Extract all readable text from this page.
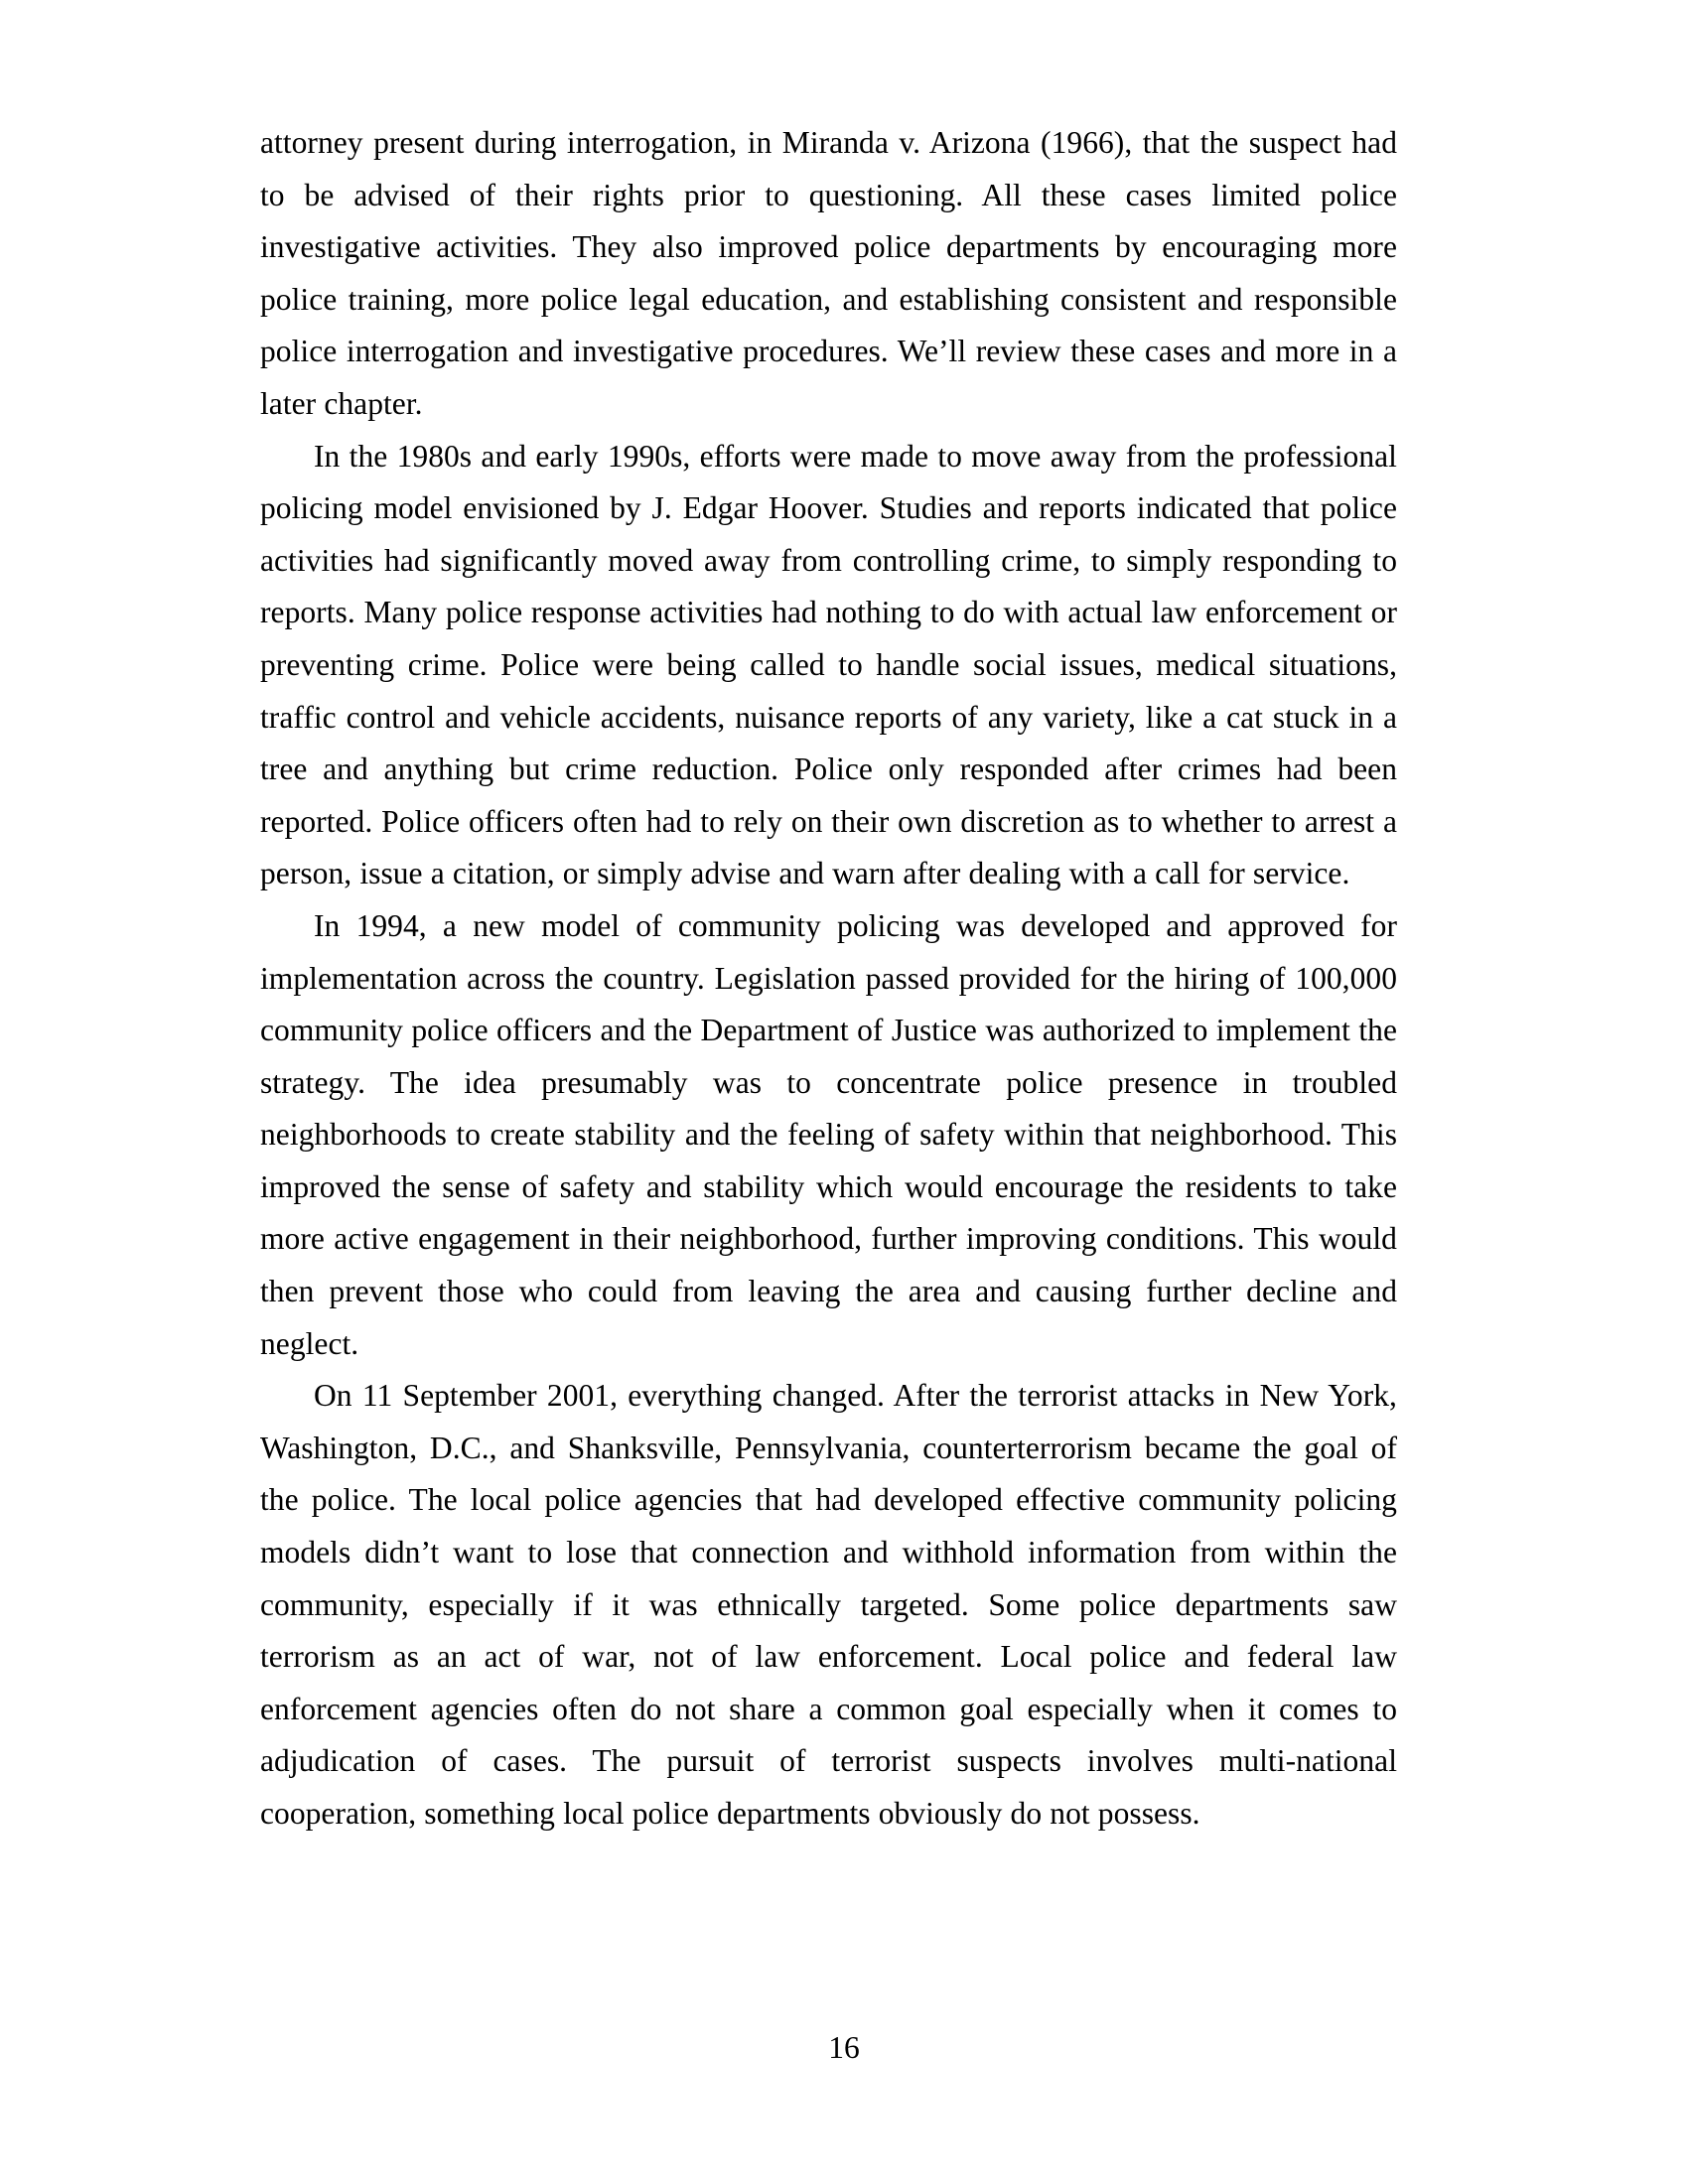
attorney present during interrogation, in Miranda v. Arizona (1966), that the suspect had to be advised of their rights prior to questioning. All these cases limited police investigative activities. They also improved police departments by encouraging more police training, more police legal education, and establishing consistent and responsible police interrogation and investigative procedures. We’ll review these cases and more in a later chapter.

In the 1980s and early 1990s, efforts were made to move away from the professional policing model envisioned by J. Edgar Hoover. Studies and reports indicated that police activities had significantly moved away from controlling crime, to simply responding to reports. Many police response activities had nothing to do with actual law enforcement or preventing crime. Police were being called to handle social issues, medical situations, traffic control and vehicle accidents, nuisance reports of any variety, like a cat stuck in a tree and anything but crime reduction. Police only responded after crimes had been reported. Police officers often had to rely on their own discretion as to whether to arrest a person, issue a citation, or simply advise and warn after dealing with a call for service.

In 1994, a new model of community policing was developed and approved for implementation across the country. Legislation passed provided for the hiring of 100,000 community police officers and the Department of Justice was authorized to implement the strategy. The idea presumably was to concentrate police presence in troubled neighborhoods to create stability and the feeling of safety within that neighborhood. This improved the sense of safety and stability which would encourage the residents to take more active engagement in their neighborhood, further improving conditions. This would then prevent those who could from leaving the area and causing further decline and neglect.

On 11 September 2001, everything changed. After the terrorist attacks in New York, Washington, D.C., and Shanksville, Pennsylvania, counterterrorism became the goal of the police. The local police agencies that had developed effective community policing models didn’t want to lose that connection and withhold information from within the community, especially if it was ethnically targeted. Some police departments saw terrorism as an act of war, not of law enforcement. Local police and federal law enforcement agencies often do not share a common goal especially when it comes to adjudication of cases. The pursuit of terrorist suspects involves multi-national cooperation, something local police departments obviously do not possess.

16
